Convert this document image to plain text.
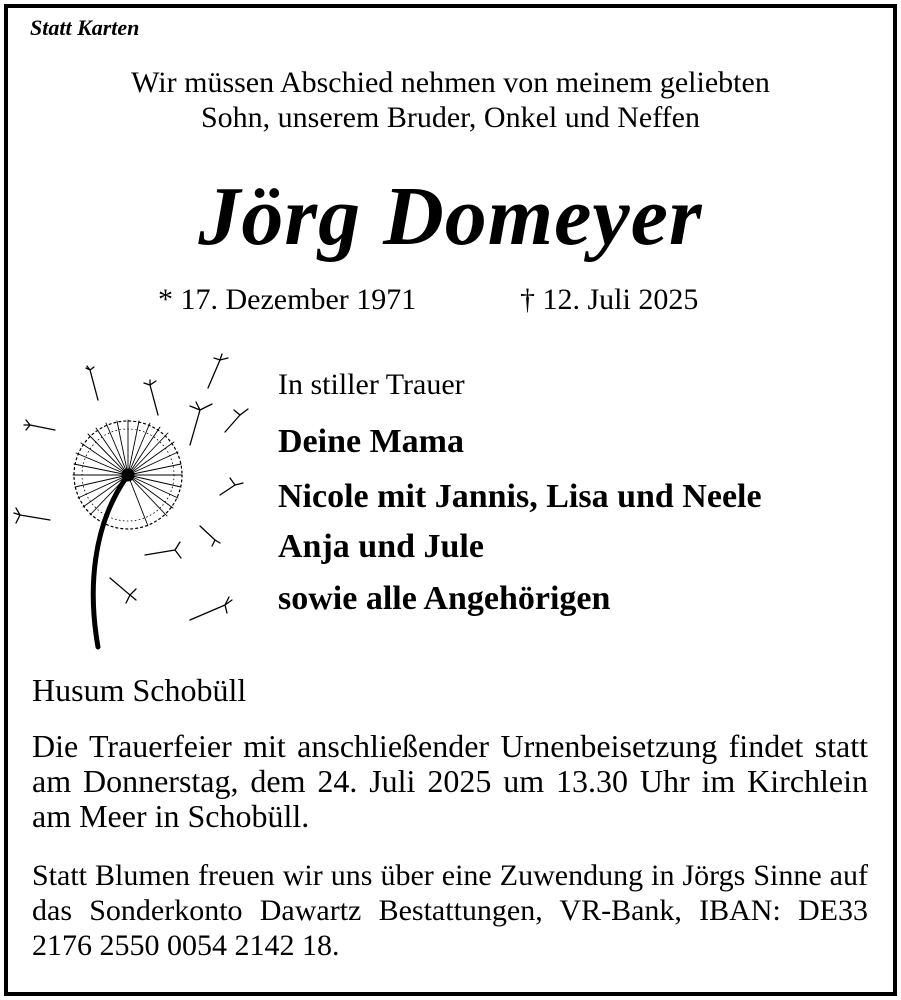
Statt Karten
Wir müssen Abschied nehmen von meinem geliebten
Sohn, unserem Bruder, Onkel und Neffen
Jörg Domeyer
* 17. Dezember 1971	† 12. Juli 2025
In stiller Trauer
Deine Mama
Nicole mit Jannis, Lisa und Neele
Anja und Jule
sowie alle Angehörigen
Husum Schobüll
Die Trauerfeier mit anschließender Urnenbeisetzung findet statt am Donnerstag, dem 24. Juli 2025 um 13.30 Uhr im Kirchlein am Meer in Schobüll.
Statt Blumen freuen wir uns über eine Zuwendung in Jörgs Sinne auf das Sonderkonto Dawartz Bestattungen, VR-Bank, IBAN: DE33 2176 2550 0054 2142 18.
